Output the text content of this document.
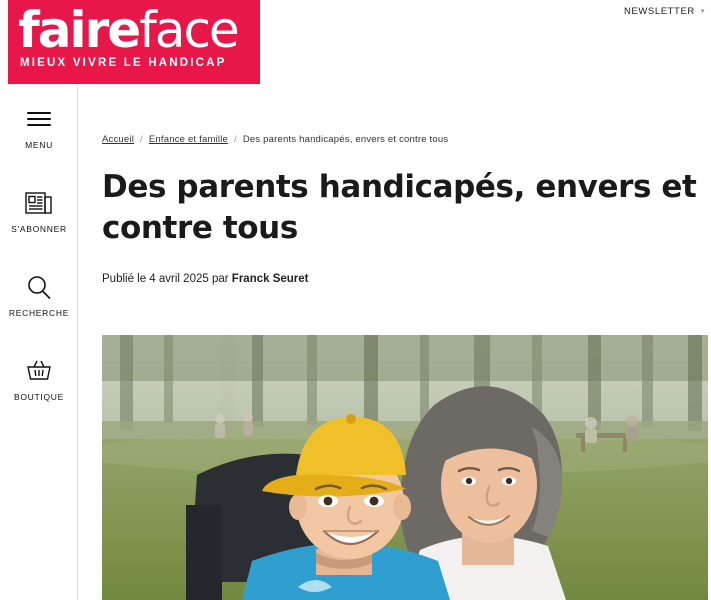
faireface
MIEUX VIVRE LE HANDICAP
NEWSLETTER ▾
MENU
S'ABONNER
RECHERCHE
BOUTIQUE
Accueil / Enfance et famille / Des parents handicapés, envers et contre tous
Des parents handicapés, envers et contre tous
Publié le 4 avril 2025 par Franck Seuret
